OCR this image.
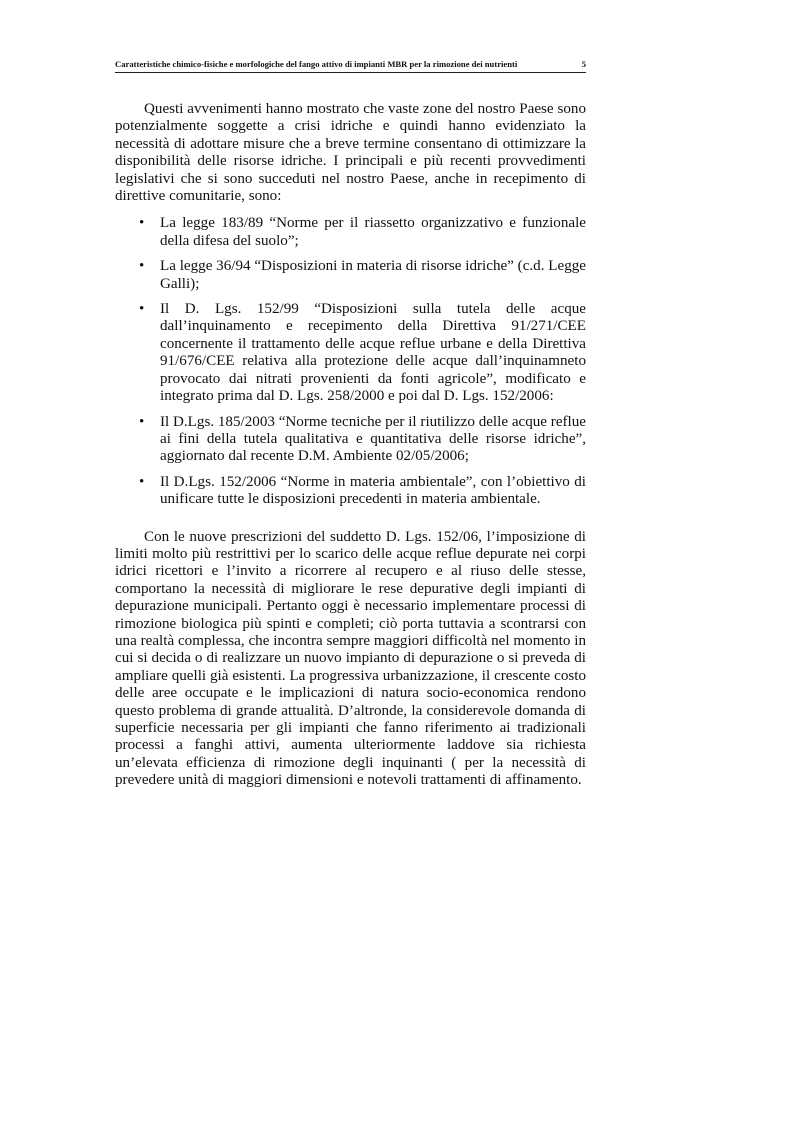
Caratteristiche chimico-fisiche e morfologiche del fango attivo di impianti MBR per la rimozione dei nutrienti	5

Questi avvenimenti hanno mostrato che vaste zone del nostro Paese sono potenzialmente soggette a crisi idriche e quindi hanno evidenziato la necessità di adottare misure che a breve termine consentano di ottimizzare la disponibilità delle risorse idriche. I principali e più recenti provvedimenti legislativi che si sono succeduti nel nostro Paese, anche in recepimento di direttive comunitarie, sono:

• La legge 183/89 “Norme per il riassetto organizzativo e funzionale della difesa del suolo”;
• La legge 36/94 “Disposizioni in materia di risorse idriche” (c.d. Legge Galli);
• Il D. Lgs. 152/99 “Disposizioni sulla tutela delle acque dall’inquinamento e recepimento della Direttiva 91/271/CEE concernente il trattamento delle acque reflue urbane e della Direttiva 91/676/CEE relativa alla protezione delle acque dall’inquinamneto provocato dai nitrati provenienti da fonti agricole”, modificato e integrato prima dal D. Lgs. 258/2000 e poi dal D. Lgs. 152/2006:
• Il D.Lgs. 185/2003 “Norme tecniche per il riutilizzo delle acque reflue ai fini della tutela qualitativa e quantitativa delle risorse idriche”, aggiornato dal recente D.M. Ambiente 02/05/2006;
• Il D.Lgs. 152/2006 “Norme in materia ambientale”, con l’obiettivo di unificare tutte le disposizioni precedenti in materia ambientale.

Con le nuove prescrizioni del suddetto D. Lgs. 152/06, l’imposizione di limiti molto più restrittivi per lo scarico delle acque reflue depurate nei corpi idrici ricettori e l’invito a ricorrere al recupero e al riuso delle stesse, comportano la necessità di migliorare le rese depurative degli impianti di depurazione municipali. Pertanto oggi è necessario implementare processi di rimozione biologica più spinti e completi; ciò porta tuttavia a scontrarsi con una realtà complessa, che incontra sempre maggiori difficoltà nel momento in cui si decida o di realizzare un nuovo impianto di depurazione o si preveda di ampliare quelli già esistenti. La progressiva urbanizzazione, il crescente costo delle aree occupate e le implicazioni di natura socio-economica rendono questo problema di grande attualità. D’altronde, la considerevole domanda di superficie necessaria per gli impianti che fanno riferimento ai tradizionali processi a fanghi attivi, aumenta ulteriormente laddove sia richiesta un’elevata efficienza di rimozione degli inquinanti ( per la necessità di prevedere unità di maggiori dimensioni e notevoli trattamenti di affinamento.
